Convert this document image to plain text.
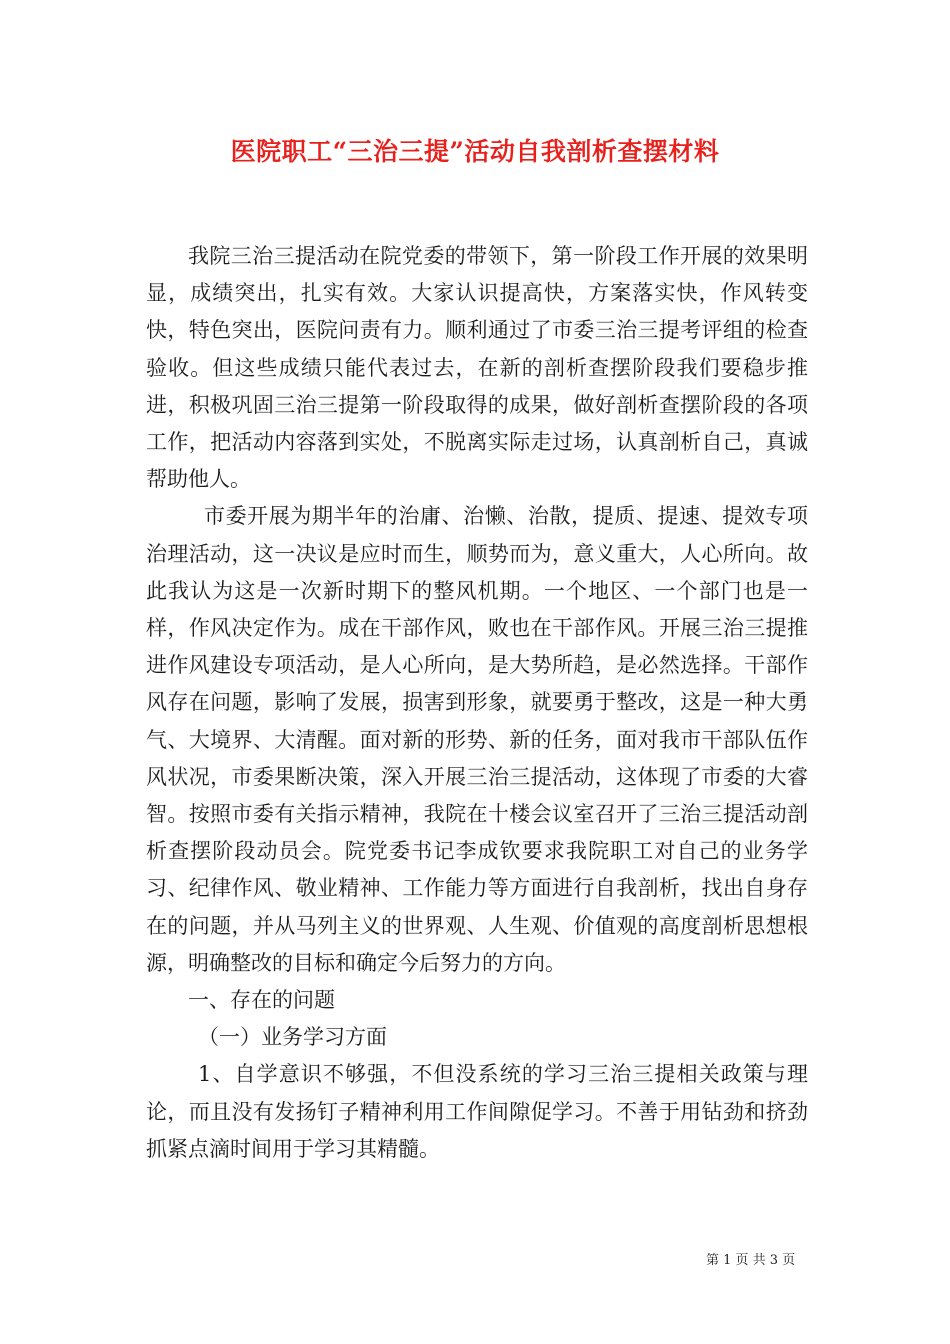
医院职工“三治三提”活动自我剖析查摆材料

我院三治三提活动在院党委的带领下，第一阶段工作开展的效果明显，成绩突出，扎实有效。大家认识提高快，方案落实快，作风转变快，特色突出，医院问责有力。顺利通过了市委三治三提考评组的检查验收。但这些成绩只能代表过去，在新的剖析查摆阶段我们要稳步推进，积极巩固三治三提第一阶段取得的成果，做好剖析查摆阶段的各项工作，把活动内容落到实处，不脱离实际走过场，认真剖析自己，真诚帮助他人。

市委开展为期半年的治庸、治懒、治散，提质、提速、提效专项治理活动，这一决议是应时而生，顺势而为，意义重大，人心所向。故此我认为这是一次新时期下的整风机期。一个地区、一个部门也是一样，作风决定作为。成在干部作风，败也在干部作风。开展三治三提推进作风建设专项活动，是人心所向，是大势所趋，是必然选择。干部作风存在问题，影响了发展，损害到形象，就要勇于整改，这是一种大勇气、大境界、大清醒。面对新的形势、新的任务，面对我市干部队伍作风状况，市委果断决策，深入开展三治三提活动，这体现了市委的大睿智。按照市委有关指示精神，我院在十楼会议室召开了三治三提活动剖析查摆阶段动员会。院党委书记李成钦要求我院职工对自己的业务学习、纪律作风、敬业精神、工作能力等方面进行自我剖析，找出自身存在的问题，并从马列主义的世界观、人生观、价值观的高度剖析思想根源，明确整改的目标和确定今后努力的方向。

一、存在的问题

（一）业务学习方面

1、自学意识不够强，不但没系统的学习三治三提相关政策与理论，而且没有发扬钉子精神利用工作间隙促学习。不善于用钻劲和挤劲抓紧点滴时间用于学习其精髓。

第 1 页 共 3 页
